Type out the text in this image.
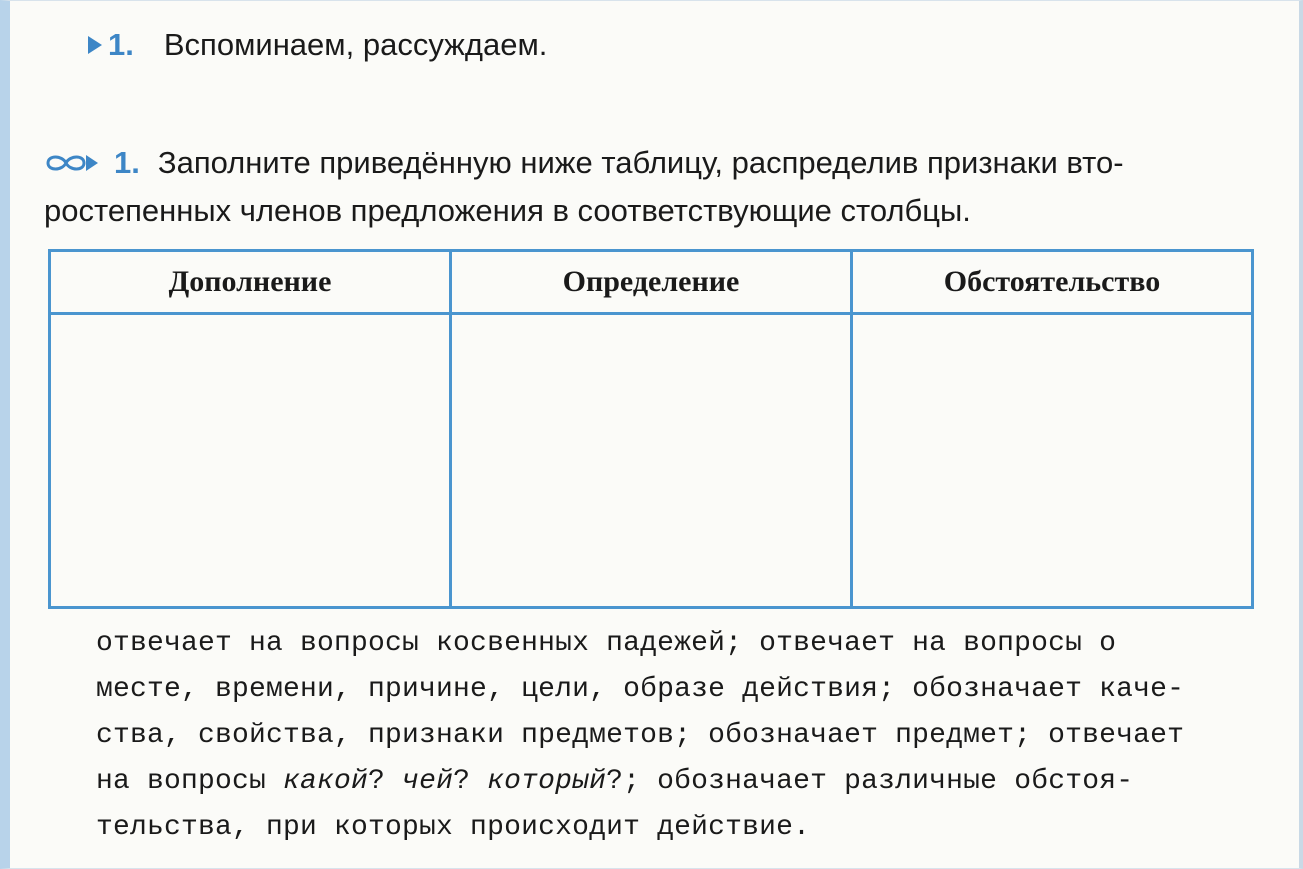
1. Вспоминаем, рассуждаем.
1. Заполните приведённую ниже таблицу, распределив признаки вто-
ростепенных членов предложения в соответствующие столбцы.
Дополнение	Определение	Обстоятельство

отвечает на вопросы косвенных падежей; отвечает на вопросы о
месте, времени, причине, цели, образе действия; обозначает каче-
ства, свойства, признаки предметов; обозначает предмет; отвечает
на вопросы какой? чей? который?; обозначает различные обстоя-
тельства, при которых происходит действие.
